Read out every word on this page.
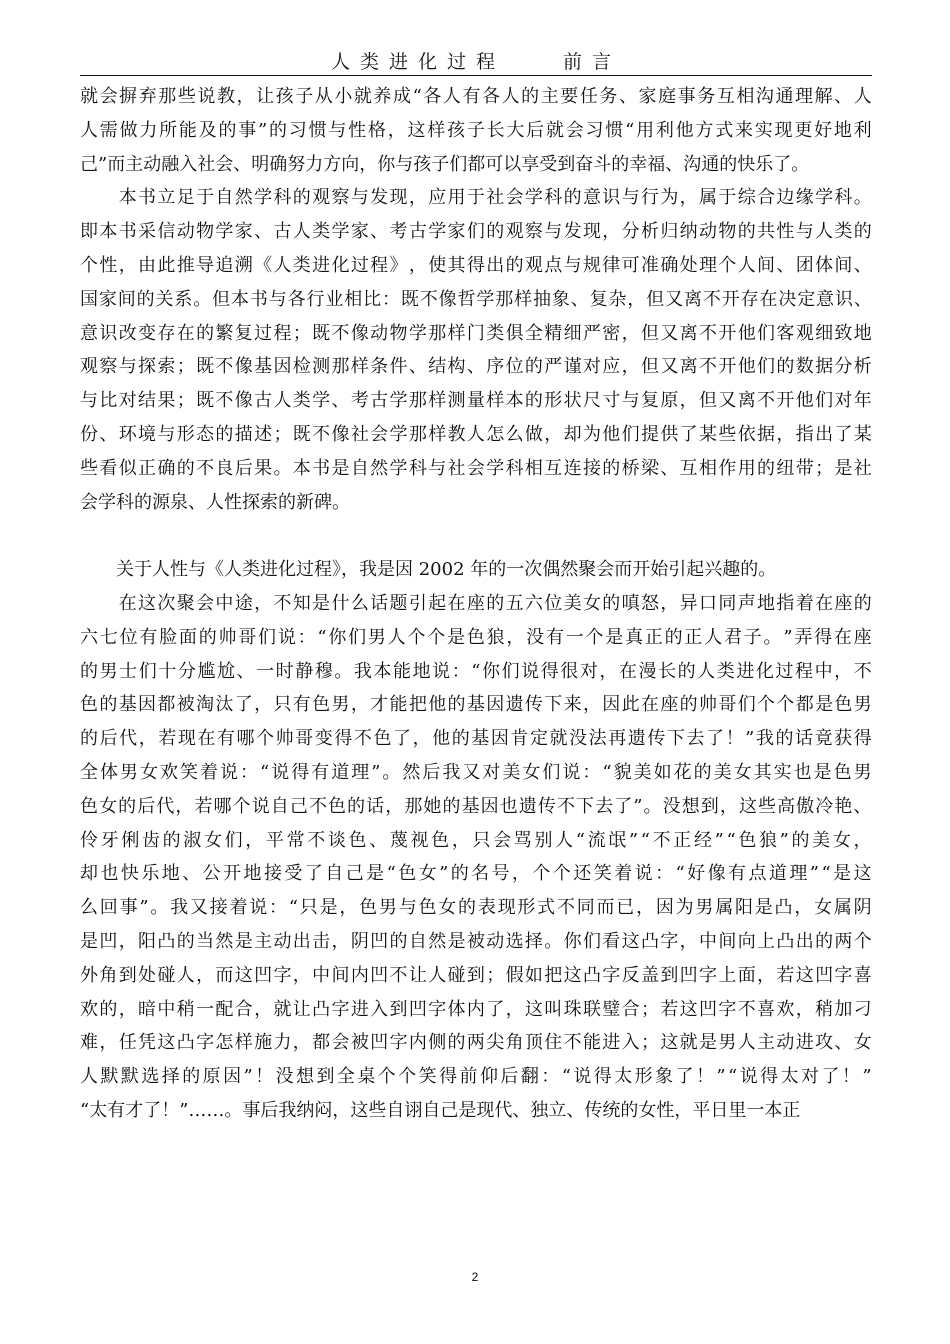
人类进化过程　　	前言
就 会 摒 弃 那 些 说 教 ， 让 孩 子 从 小 就 养 成 “ 各 人 有 各 人 的 主 要 任 务 、 家 庭 事 务 互 相 沟 通 理 解 、 人
人 需 做 力 所 能 及 的 事 ” 的 习 惯 与 性 格 ， 这 样 孩 子 长 大 后 就 会 习 惯 “ 用 利 他 方 式 来 实 现 更 好 地 利
己”而主动融入社会、明确努力方向，你与孩子们都可以享受到奋斗的幸福、沟通的快乐了。

本 书 立 足 于 自 然 学 科 的 观 察 与 发 现 ， 应 用 于 社 会 学 科 的 意 识 与 行 为 ， 属 于 综 合 边 缘 学 科 。
即 本 书 采 信 动 物 学 家 、 古 人 类 学 家 、 考 古 学 家 们 的 观 察 与 发 现 ， 分 析 归 纳 动 物 的 共 性 与 人 类 的
个 性 ， 由 此 推 导 追 溯 《 人 类 进 化 过 程 》 ， 使 其 得 出 的 观 点 与 规 律 可 准 确 处 理 个 人 间 、 团 体 间 、
国 家 间 的 关 系 。 但 本 书 与 各 行 业 相 比 ： 既 不 像 哲 学 那 样 抽 象 、 复 杂 ， 但 又 离 不 开 存 在 决 定 意 识 、
意 识 改 变 存 在 的 繁 复 过 程 ； 既 不 像 动 物 学 那 样 门 类 俱 全 精 细 严 密 ， 但 又 离 不 开 他 们 客 观 细 致 地
观 察 与 探 索 ； 既 不 像 基 因 检 测 那 样 条 件 、 结 构 、 序 位 的 严 谨 对 应 ， 但 又 离 不 开 他 们 的 数 据 分 析
与 比 对 结 果 ； 既 不 像 古 人 类 学 、 考 古 学 那 样 测 量 样 本 的 形 状 尺 寸 与 复 原 ， 但 又 离 不 开 他 们 对 年
份 、 环 境 与 形 态 的 描 述 ； 既 不 像 社 会 学 那 样 教 人 怎 么 做 ， 却 为 他 们 提 供 了 某 些 依 据 ， 指 出 了 某
些 看 似 正 确 的 不 良 后 果 。 本 书 是 自 然 学 科 与 社 会 学 科 相 互 连 接 的 桥 梁 、 互 相 作 用 的 纽 带 ； 是 社
会学科的源泉、人性探索的新碑。
　　关于人性与《人类进化过程》，我是因 2002 年的一次偶然聚会而开始引起兴趣的。

在 这 次 聚 会 中 途 ， 不 知 是 什 么 话 题 引 起 在 座 的 五 六 位 美 女 的 嗔 怒 ， 异 口 同 声 地 指 着 在 座 的
六 七 位 有 脸 面 的 帅 哥 们 说 ： “ 你 们 男 人 个 个 是 色 狼 ， 没 有 一 个 是 真 正 的 正 人 君 子 。 ” 弄 得 在 座
的 男 士 们 十 分 尴 尬 、 一 时 静 穆 。 我 本 能 地 说 ： “ 你 们 说 得 很 对 ， 在 漫 长 的 人 类 进 化 过 程 中 ， 不
色 的 基 因 都 被 淘 汰 了 ， 只 有 色 男 ， 才 能 把 他 的 基 因 遗 传 下 来 ， 因 此 在 座 的 帅 哥 们 个 个 都 是 色 男
的 后 代 ， 若 现 在 有 哪 个 帅 哥 变 得 不 色 了 ， 他 的 基 因 肯 定 就 没 法 再 遗 传 下 去 了 ！ ” 我 的 话 竟 获 得
全 体 男 女 欢 笑 着 说 ： “ 说 得 有 道 理 ” 。 然 后 我 又 对 美 女 们 说 ： “ 貌 美 如 花 的 美 女 其 实 也 是 色 男
色 女 的 后 代 ， 若 哪 个 说 自 己 不 色 的 话 ， 那 她 的 基 因 也 遗 传 不 下 去 了 ” 。 没 想 到 ， 这 些 高 傲 冷 艳 、
伶 牙 俐 齿 的 淑 女 们 ， 平 常 不 谈 色 、 蔑 视 色 ， 只 会 骂 别 人 “ 流 氓 ” “ 不 正 经 ” “ 色 狼 ” 的 美 女 ，
却 也 快 乐 地 、 公 开 地 接 受 了 自 己 是 “ 色 女 ” 的 名 号 ， 个 个 还 笑 着 说 ： “ 好 像 有 点 道 理 ” “ 是 这
么 回 事 ” 。 我 又 接 着 说 ： “ 只 是 ， 色 男 与 色 女 的 表 现 形 式 不 同 而 已 ， 因 为 男 属 阳 是 凸 ， 女 属 阴
是 凹 ， 阳 凸 的 当 然 是 主 动 出 击 ， 阴 凹 的 自 然 是 被 动 选 择 。 你 们 看 这 凸 字 ， 中 间 向 上 凸 出 的 两 个
外 角 到 处 碰 人 ， 而 这 凹 字 ， 中 间 内 凹 不 让 人 碰 到 ； 假 如 把 这 凸 字 反 盖 到 凹 字 上 面 ， 若 这 凹 字 喜
欢 的 ， 暗 中 稍 一 配 合 ， 就 让 凸 字 进 入 到 凹 字 体 内 了 ， 这 叫 珠 联 璧 合 ； 若 这 凹 字 不 喜 欢 ， 稍 加 刁
难 ， 任 凭 这 凸 字 怎 样 施 力 ， 都 会 被 凹 字 内 侧 的 两 尖 角 顶 住 不 能 进 入 ； 这 就 是 男 人 主 动 进 攻 、 女
人 默 默 选 择 的 原 因 ” ！ 没 想 到 全 桌 个 个 笑 得 前 仰 后 翻 ： “ 说 得 太 形 象 了 ！ ” “ 说 得 太 对 了 ！ ”
“太有才了！”……。事后我纳闷，这些自诩自己是现代、独立、传统的女性，平日里一本正
2
